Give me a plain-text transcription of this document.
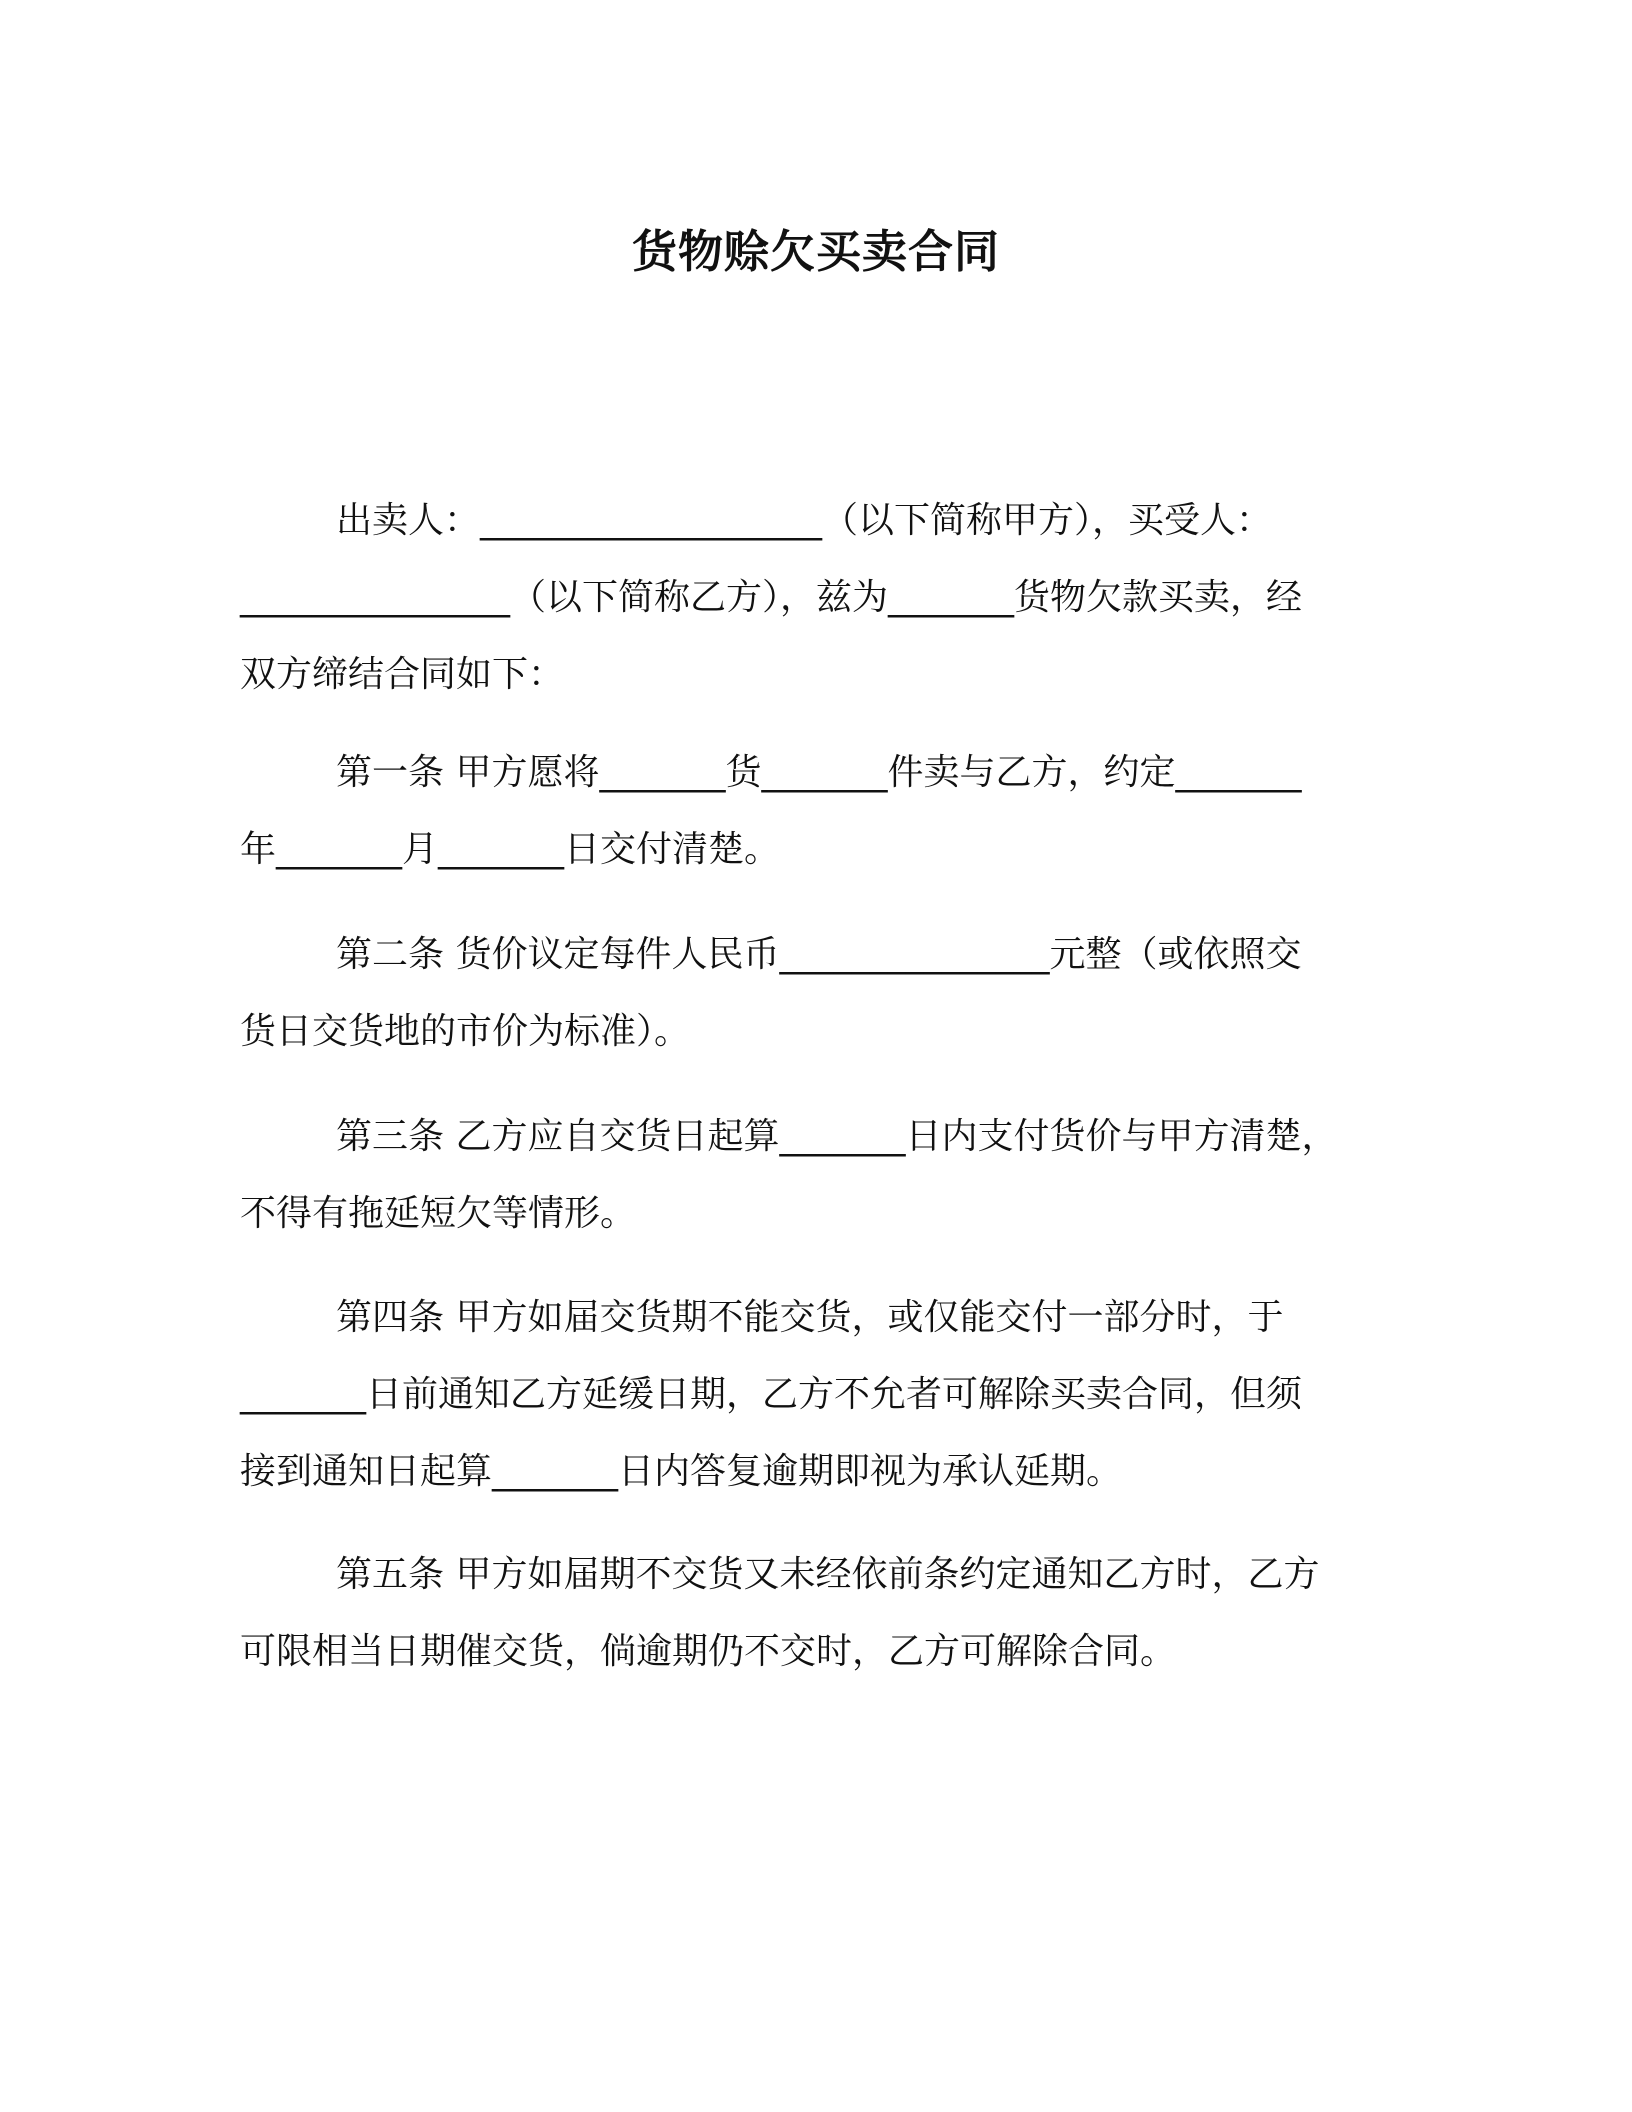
货物赊欠买卖合同
出卖人：___________________（以下简称甲方），买受人：
_______________（以下简称乙方），兹为_______货物欠款买卖，经
双方缔结合同如下：
第一条 甲方愿将_______货_______件卖与乙方，约定_______
年_______月_______日交付清楚。
第二条 货价议定每件人民币_______________元整（或依照交
货日交货地的市价为标准）。
第三条 乙方应自交货日起算_______日内支付货价与甲方清楚，
不得有拖延短欠等情形。
第四条 甲方如届交货期不能交货，或仅能交付一部分时，于
_______日前通知乙方延缓日期，乙方不允者可解除买卖合同，但须
接到通知日起算_______日内答复逾期即视为承认延期。
第五条 甲方如届期不交货又未经依前条约定通知乙方时，乙方
可限相当日期催交货，倘逾期仍不交时，乙方可解除合同。
